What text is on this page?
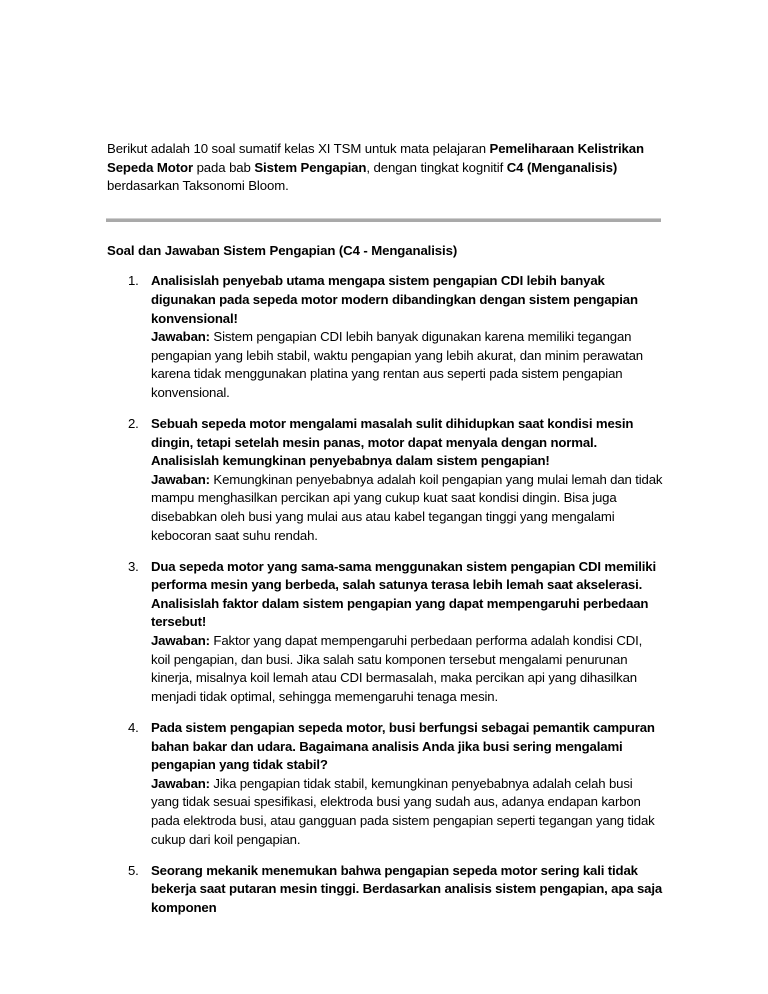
Berikut adalah 10 soal sumatif kelas XI TSM untuk mata pelajaran Pemeliharaan Kelistrikan Sepeda Motor pada bab Sistem Pengapian, dengan tingkat kognitif C4 (Menganalisis) berdasarkan Taksonomi Bloom.

Soal dan Jawaban Sistem Pengapian (C4 - Menganalisis)

1. Analisislah penyebab utama mengapa sistem pengapian CDI lebih banyak digunakan pada sepeda motor modern dibandingkan dengan sistem pengapian konvensional!
Jawaban: Sistem pengapian CDI lebih banyak digunakan karena memiliki tegangan pengapian yang lebih stabil, waktu pengapian yang lebih akurat, dan minim perawatan karena tidak menggunakan platina yang rentan aus seperti pada sistem pengapian konvensional.
2. Sebuah sepeda motor mengalami masalah sulit dihidupkan saat kondisi mesin dingin, tetapi setelah mesin panas, motor dapat menyala dengan normal. Analisislah kemungkinan penyebabnya dalam sistem pengapian!
Jawaban: Kemungkinan penyebabnya adalah koil pengapian yang mulai lemah dan tidak mampu menghasilkan percikan api yang cukup kuat saat kondisi dingin. Bisa juga disebabkan oleh busi yang mulai aus atau kabel tegangan tinggi yang mengalami kebocoran saat suhu rendah.
3. Dua sepeda motor yang sama-sama menggunakan sistem pengapian CDI memiliki performa mesin yang berbeda, salah satunya terasa lebih lemah saat akselerasi. Analisislah faktor dalam sistem pengapian yang dapat mempengaruhi perbedaan tersebut!
Jawaban: Faktor yang dapat mempengaruhi perbedaan performa adalah kondisi CDI, koil pengapian, dan busi. Jika salah satu komponen tersebut mengalami penurunan kinerja, misalnya koil lemah atau CDI bermasalah, maka percikan api yang dihasilkan menjadi tidak optimal, sehingga memengaruhi tenaga mesin.
4. Pada sistem pengapian sepeda motor, busi berfungsi sebagai pemantik campuran bahan bakar dan udara. Bagaimana analisis Anda jika busi sering mengalami pengapian yang tidak stabil?
Jawaban: Jika pengapian tidak stabil, kemungkinan penyebabnya adalah celah busi yang tidak sesuai spesifikasi, elektroda busi yang sudah aus, adanya endapan karbon pada elektroda busi, atau gangguan pada sistem pengapian seperti tegangan yang tidak cukup dari koil pengapian.
5. Seorang mekanik menemukan bahwa pengapian sepeda motor sering kali tidak bekerja saat putaran mesin tinggi. Berdasarkan analisis sistem pengapian, apa saja komponen
